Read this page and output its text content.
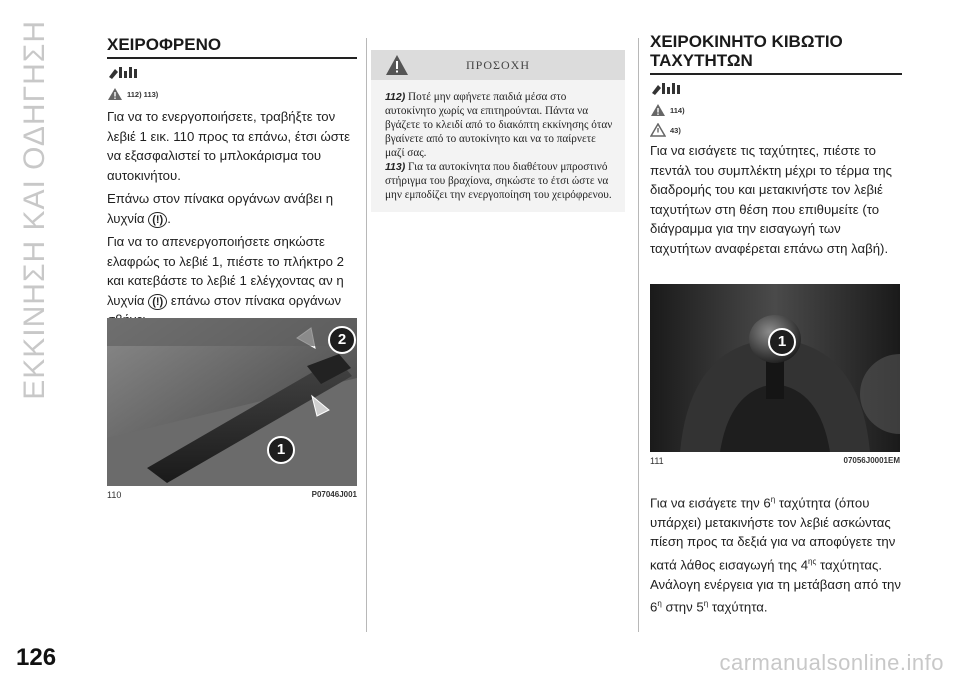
ΕΚΚΙΝΗΣΗ ΚΑΙ ΟΔΗΓΗΣΗ
126	carmanualsonline.info
ΧΕΙΡΟΦΡΕΝΟ
112) 113)

Για να το ενεργοποιήσετε, τραβήξτε τον λεβιέ 1 εικ. 110 προς τα επάνω, έτσι ώστε να εξασφαλιστεί το μπλοκάρισμα του αυτοκινήτου.

Επάνω στον πίνακα οργάνων ανάβει η λυχνία (!) .

Για να το απενεργοποιήσετε σηκώστε ελαφρώς το λεβιέ 1, πιέστε το πλήκτρο 2 και κατεβάστε το λεβιέ 1 ελέγχοντας αν η λυχνία (!) επάνω στον πίνακα οργάνων

2
1
110	P07046J001
ΠΡΟΣΟΧΗ
112) Ποτέ μην αφήνετε παιδιά μέσα στο αυτοκίνητο χωρίς να επιτηρούνται. Πάντα να βγάζετε το κλειδί από το διακόπτη εκκίνησης όταν βγαίνετε από το αυτοκίνητο και να το παίρνετε μαζί σας.
113) Για τα αυτοκίνητα που διαθέτουν μπροστινό στήριγμα του βραχίονα, σηκώστε το έτσι ώστε να μην εμποδίζει την ενεργοποίηση του χειρόφρενου.
ΧΕΙΡΟΚΙΝΗΤΟ ΚΙΒΩΤΙΟ
ΤΑΧΥΤΗΤΩΝ
114)
43)

Για να εισάγετε τις ταχύτητες, πιέστε το πεντάλ του συμπλέκτη μέχρι το τέρμα της διαδρομής του και μετακινήστε τον λεβιέ ταχυτήτων στη θέση που επιθυμείτε (το διάγραμμα για την εισαγωγή των ταχυτήτων αναφέρεται επάνω στη λαβή).

1
111	07056J0001EM

Για να εισάγετε την $6^\eta$ ταχύτητα (όπου υπάρχει) μετακινήστε τον λεβιέ ασκώντας πίεση προς τα δεξιά για να αποφύγετε την κατά λάθος εισαγωγή της $4^{\eta\varsigma}$ ταχύτητας. Ανάλογη ενέργεια για τη μετάβαση από την $6^\eta$ στην $5^\eta$ ταχύτητα.
